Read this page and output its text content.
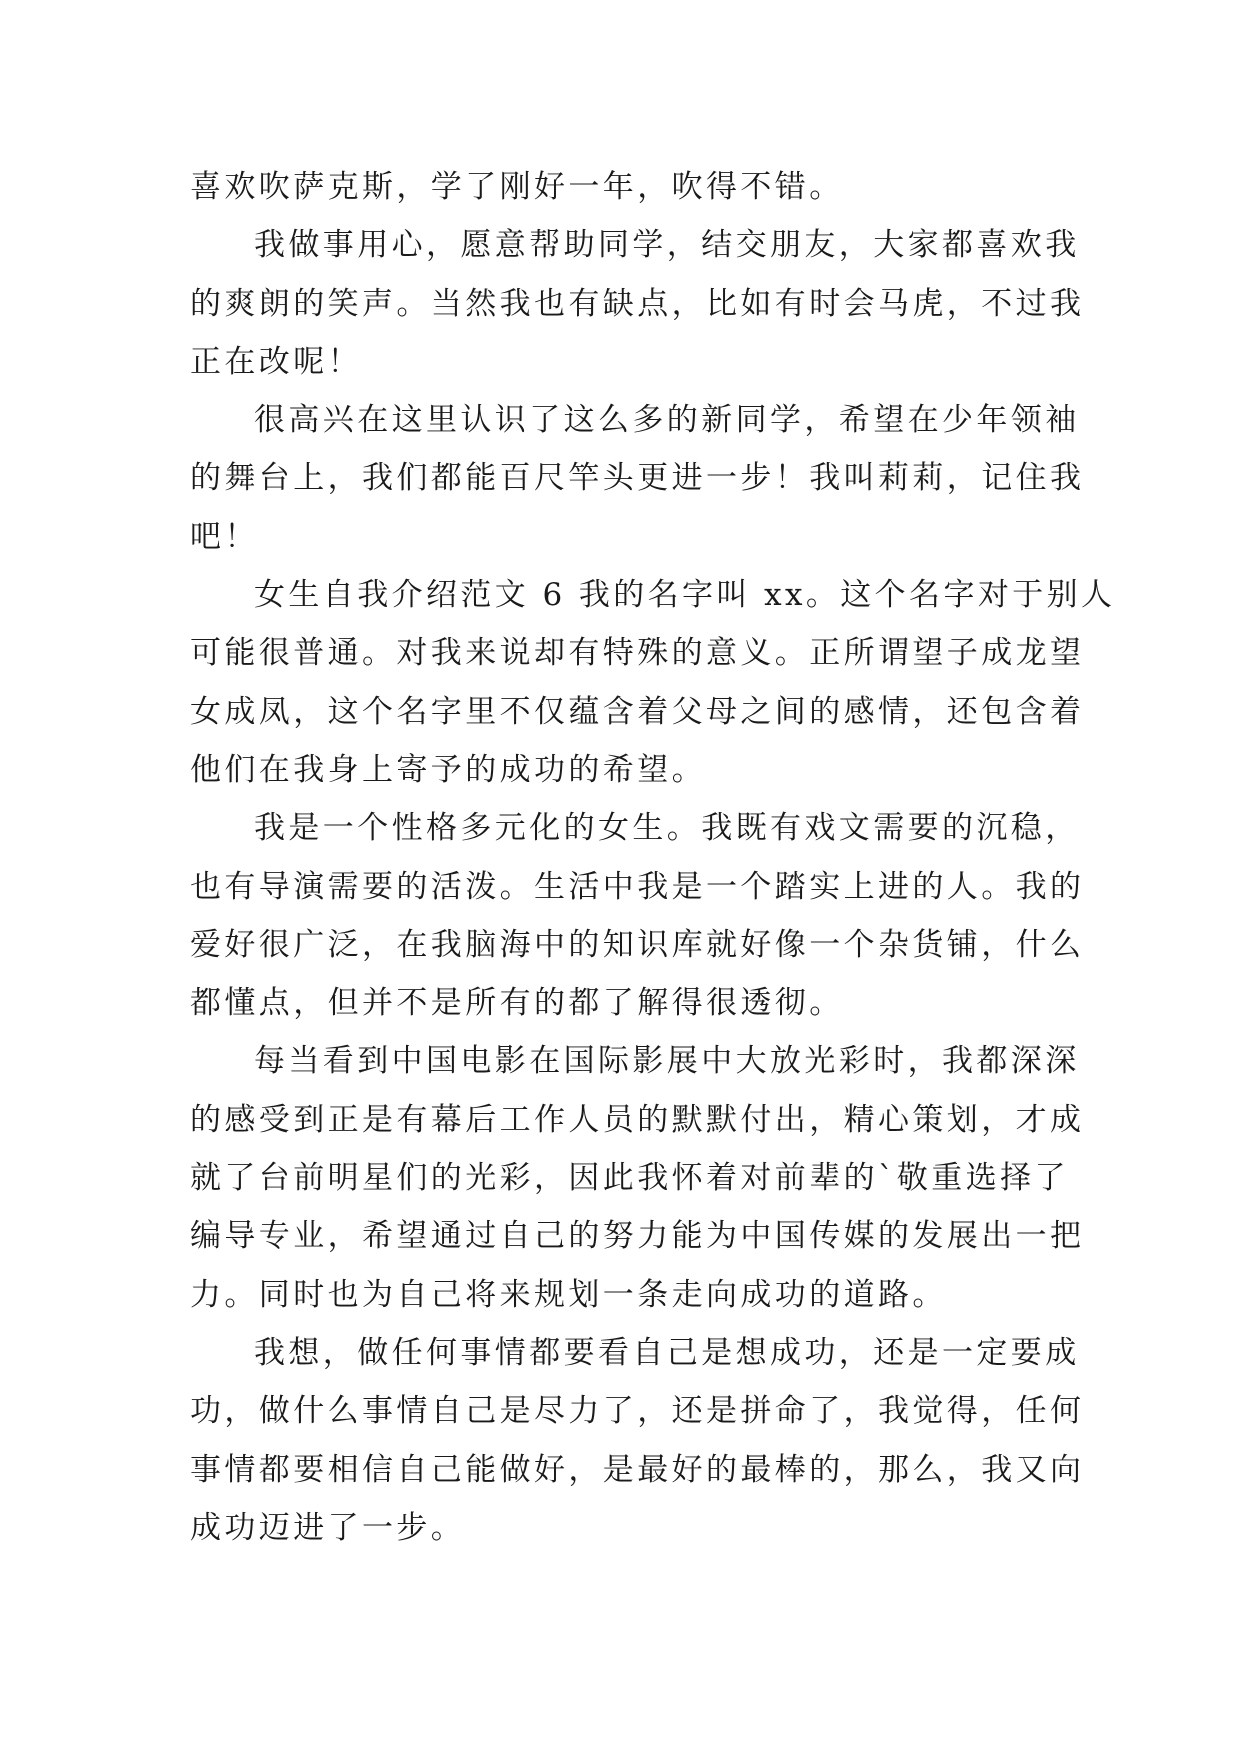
喜欢吹萨克斯，学了刚好一年，吹得不错。
我做事用心，愿意帮助同学，结交朋友，大家都喜欢我
的爽朗的笑声。当然我也有缺点，比如有时会马虎，不过我
正在改呢！
很高兴在这里认识了这么多的新同学，希望在少年领袖
的舞台上，我们都能百尺竿头更进一步！我叫莉莉，记住我
吧！
女生自我介绍范文 6 我的名字叫 xx。这个名字对于别人
可能很普通。对我来说却有特殊的意义。正所谓望子成龙望
女成凤，这个名字里不仅蕴含着父母之间的感情，还包含着
他们在我身上寄予的成功的希望。
我是一个性格多元化的女生。我既有戏文需要的沉稳，
也有导演需要的活泼。生活中我是一个踏实上进的人。我的
爱好很广泛，在我脑海中的知识库就好像一个杂货铺，什么
都懂点，但并不是所有的都了解得很透彻。
每当看到中国电影在国际影展中大放光彩时，我都深深
的感受到正是有幕后工作人员的默默付出，精心策划，才成
就了台前明星们的光彩，因此我怀着对前辈的`敬重选择了
编导专业，希望通过自己的努力能为中国传媒的发展出一把
力。同时也为自己将来规划一条走向成功的道路。
我想，做任何事情都要看自己是想成功，还是一定要成
功，做什么事情自己是尽力了，还是拼命了，我觉得，任何
事情都要相信自己能做好，是最好的最棒的，那么，我又向
成功迈进了一步。
